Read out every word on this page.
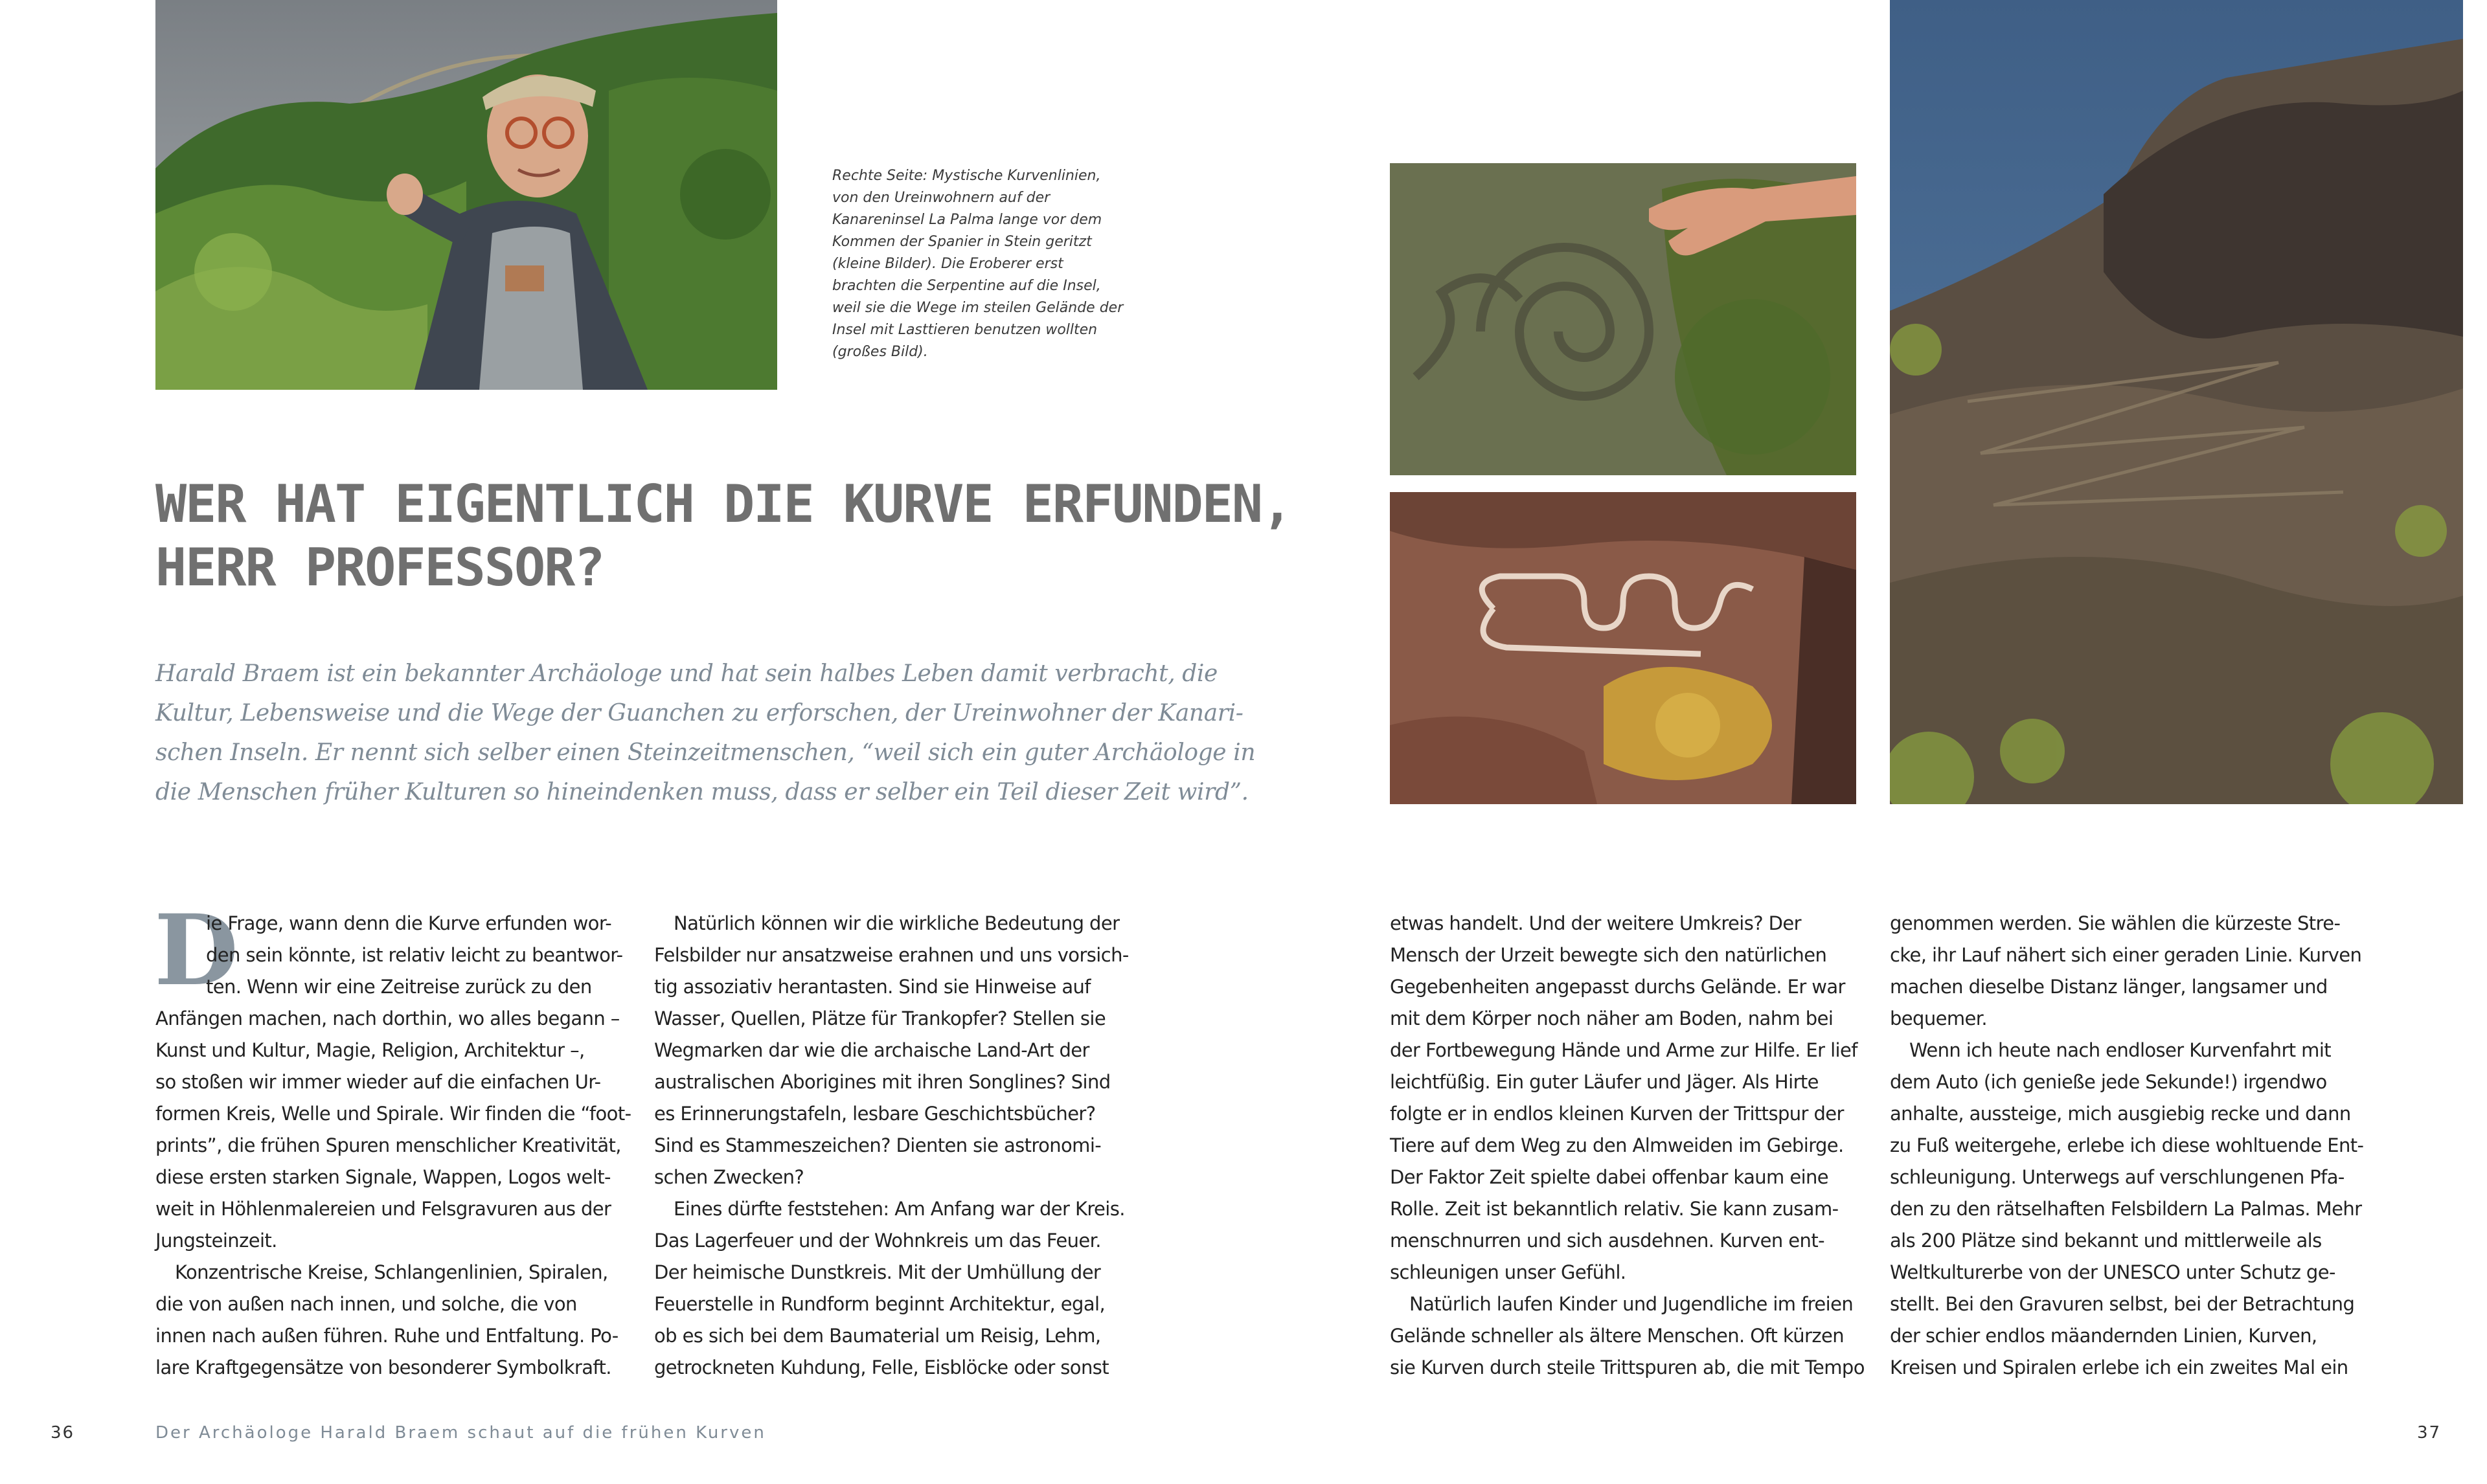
Rechte Seite: Mystische Kurvenlinien, von den Ureinwohnern auf der Kanareninsel La Palma lange vor dem Kommen der Spanier in Stein geritzt (kleine Bilder). Die Eroberer erst brachten die Serpentine auf die Insel, weil sie die Wege im steilen Gelände der Insel mit Lasttieren benutzen wollten (großes Bild).

WER HAT EIGENTLICH DIE KURVE ERFUNDEN,
HERR PROFESSOR?
Harald Braem ist ein bekannter Archäologe und hat sein halbes Leben damit verbracht, die
Kultur, Lebensweise und die Wege der Guanchen zu erforschen, der Ureinwohner der Kanari-
schen Inseln. Er nennt sich selber einen Steinzeitmenschen, “weil sich ein guter Archäologe in
die Menschen früher Kulturen so hineindenken muss, dass er selber ein Teil dieser Zeit wird”.
D
ie Frage, wann denn die Kurve erfunden wor-
den sein könnte, ist relativ leicht zu beantwor-
ten. Wenn wir eine Zeitreise zurück zu den
Anfängen machen, nach dorthin, wo alles begann –
Kunst und Kultur, Magie, Religion, Architektur –,
so stoßen wir immer wieder auf die einfachen Ur-
formen Kreis, Welle und Spirale. Wir finden die “foot-
prints”, die frühen Spuren menschlicher Kreativität,
diese ersten starken Signale, Wappen, Logos welt-
weit in Höhlenmalereien und Felsgravuren aus der
Jungsteinzeit.
Konzentrische Kreise, Schlangenlinien, Spiralen,
die von außen nach innen, und solche, die von
innen nach außen führen. Ruhe und Entfaltung. Po-
lare Kraftgegensätze von besonderer Symbolkraft.
Natürlich können wir die wirkliche Bedeutung der
Felsbilder nur ansatzweise erahnen und uns vorsich-
tig assoziativ herantasten. Sind sie Hinweise auf
Wasser, Quellen, Plätze für Trankopfer? Stellen sie
Wegmarken dar wie die archaische Land-Art der
australischen Aborigines mit ihren Songlines? Sind
es Erinnerungstafeln, lesbare Geschichtsbücher?
Sind es Stammeszeichen? Dienten sie astronomi-
schen Zwecken?
Eines dürfte feststehen: Am Anfang war der Kreis.
Das Lagerfeuer und der Wohnkreis um das Feuer.
Der heimische Dunstkreis. Mit der Umhüllung der
Feuerstelle in Rundform beginnt Architektur, egal,
ob es sich bei dem Baumaterial um Reisig, Lehm,
getrockneten Kuhdung, Felle, Eisblöcke oder sonst
etwas handelt. Und der weitere Umkreis? Der
Mensch der Urzeit bewegte sich den natürlichen
Gegebenheiten angepasst durchs Gelände. Er war
mit dem Körper noch näher am Boden, nahm bei
der Fortbewegung Hände und Arme zur Hilfe. Er lief
leichtfüßig. Ein guter Läufer und Jäger. Als Hirte
folgte er in endlos kleinen Kurven der Trittspur der
Tiere auf dem Weg zu den Almweiden im Gebirge.
Der Faktor Zeit spielte dabei offenbar kaum eine
Rolle. Zeit ist bekanntlich relativ. Sie kann zusam-
menschnurren und sich ausdehnen. Kurven ent-
schleunigen unser Gefühl.
Natürlich laufen Kinder und Jugendliche im freien
Gelände schneller als ältere Menschen. Oft kürzen
sie Kurven durch steile Trittspuren ab, die mit Tempo
genommen werden. Sie wählen die kürzeste Stre-
cke, ihr Lauf nähert sich einer geraden Linie. Kurven
machen dieselbe Distanz länger, langsamer und
bequemer.
Wenn ich heute nach endloser Kurvenfahrt mit
dem Auto (ich genieße jede Sekunde!) irgendwo
anhalte, aussteige, mich ausgiebig recke und dann
zu Fuß weitergehe, erlebe ich diese wohltuende Ent-
schleunigung. Unterwegs auf verschlungenen Pfa-
den zu den rätselhaften Felsbildern La Palmas. Mehr
als 200 Plätze sind bekannt und mittlerweile als
Weltkulturerbe von der UNESCO unter Schutz ge-
stellt. Bei den Gravuren selbst, bei der Betrachtung
der schier endlos mäandernden Linien, Kurven,
Kreisen und Spiralen erlebe ich ein zweites Mal ein
36	Der Archäologe Harald Braem schaut auf die frühen Kurven	37
